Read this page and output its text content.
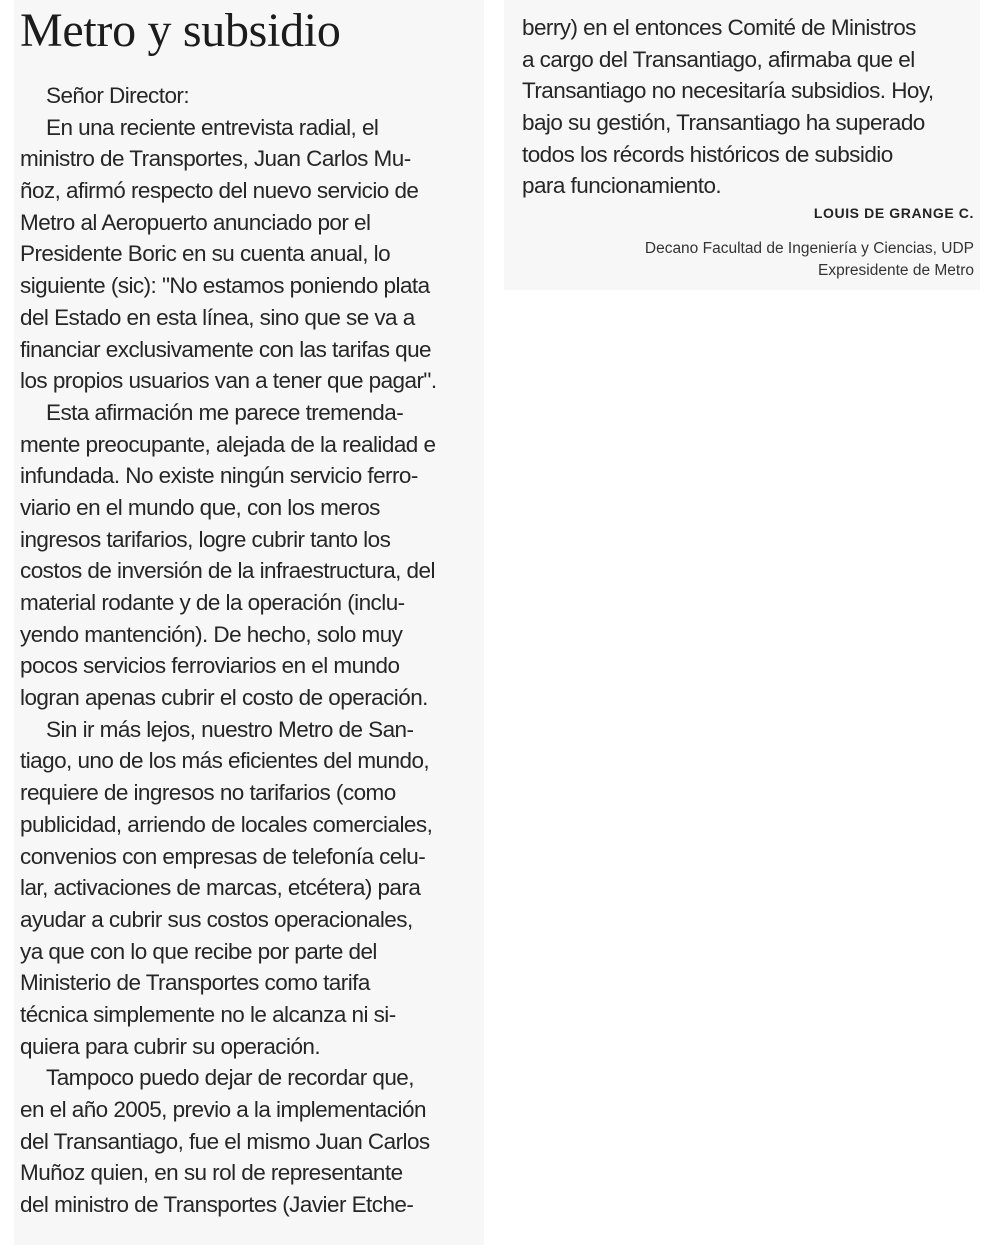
Metro y subsidio
Señor Director:
En una reciente entrevista radial, el
ministro de Transportes, Juan Carlos Mu-
ñoz, afirmó respecto del nuevo servicio de
Metro al Aeropuerto anunciado por el
Presidente Boric en su cuenta anual, lo
siguiente (sic): "No estamos poniendo plata
del Estado en esta línea, sino que se va a
financiar exclusivamente con las tarifas que
los propios usuarios van a tener que pagar".
Esta afirmación me parece tremenda-
mente preocupante, alejada de la realidad e
infundada. No existe ningún servicio ferro-
viario en el mundo que, con los meros
ingresos tarifarios, logre cubrir tanto los
costos de inversión de la infraestructura, del
material rodante y de la operación (inclu-
yendo mantención). De hecho, solo muy
pocos servicios ferroviarios en el mundo
logran apenas cubrir el costo de operación.
Sin ir más lejos, nuestro Metro de San-
tiago, uno de los más eficientes del mundo,
requiere de ingresos no tarifarios (como
publicidad, arriendo de locales comerciales,
convenios con empresas de telefonía celu-
lar, activaciones de marcas, etcétera) para
ayudar a cubrir sus costos operacionales,
ya que con lo que recibe por parte del
Ministerio de Transportes como tarifa
técnica simplemente no le alcanza ni si-
quiera para cubrir su operación.
Tampoco puedo dejar de recordar que,
en el año 2005, previo a la implementación
del Transantiago, fue el mismo Juan Carlos
Muñoz quien, en su rol de representante
del ministro de Transportes (Javier Etche-
berry) en el entonces Comité de Ministros
a cargo del Transantiago, afirmaba que el
Transantiago no necesitaría subsidios. Hoy,
bajo su gestión, Transantiago ha superado
todos los récords históricos de subsidio
para funcionamiento.

LOUIS DE GRANGE C.

Decano Facultad de Ingeniería y Ciencias, UDP
Expresidente de Metro
